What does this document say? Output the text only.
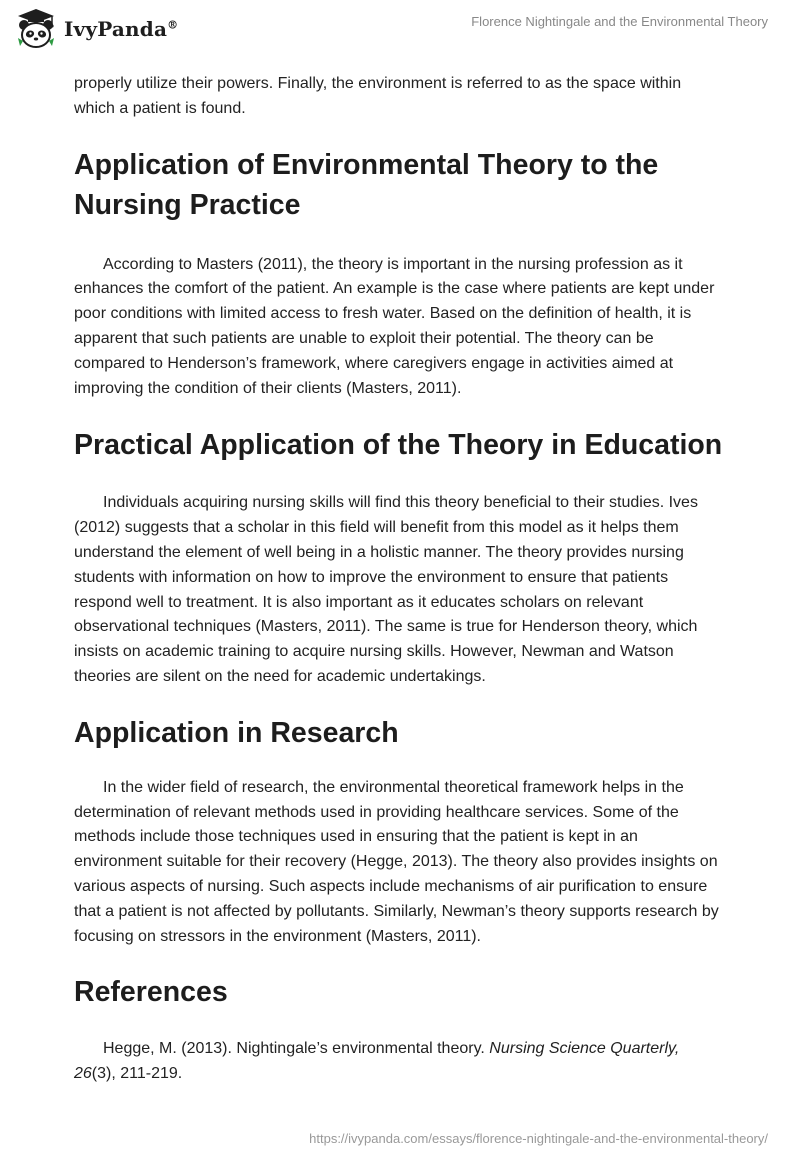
IvyPanda®	Florence Nightingale and the Environmental Theory

properly utilize their powers. Finally, the environment is referred to as the space within which a patient is found.

Application of Environmental Theory to the Nursing Practice

According to Masters (2011), the theory is important in the nursing profession as it enhances the comfort of the patient. An example is the case where patients are kept under poor conditions with limited access to fresh water. Based on the definition of health, it is apparent that such patients are unable to exploit their potential. The theory can be compared to Henderson’s framework, where caregivers engage in activities aimed at improving the condition of their clients (Masters, 2011).

Practical Application of the Theory in Education

Individuals acquiring nursing skills will find this theory beneficial to their studies. Ives (2012) suggests that a scholar in this field will benefit from this model as it helps them understand the element of well being in a holistic manner. The theory provides nursing students with information on how to improve the environment to ensure that patients respond well to treatment. It is also important as it educates scholars on relevant observational techniques (Masters, 2011). The same is true for Henderson theory, which insists on academic training to acquire nursing skills. However, Newman and Watson theories are silent on the need for academic undertakings.

Application in Research

In the wider field of research, the environmental theoretical framework helps in the determination of relevant methods used in providing healthcare services. Some of the methods include those techniques used in ensuring that the patient is kept in an environment suitable for their recovery (Hegge, 2013). The theory also provides insights on various aspects of nursing. Such aspects include mechanisms of air purification to ensure that a patient is not affected by pollutants. Similarly, Newman’s theory supports research by focusing on stressors in the environment (Masters, 2011).

References

Hegge, M. (2013). Nightingale’s environmental theory. Nursing Science Quarterly, 26(3), 211-219.

https://ivypanda.com/essays/florence-nightingale-and-the-environmental-theory/
